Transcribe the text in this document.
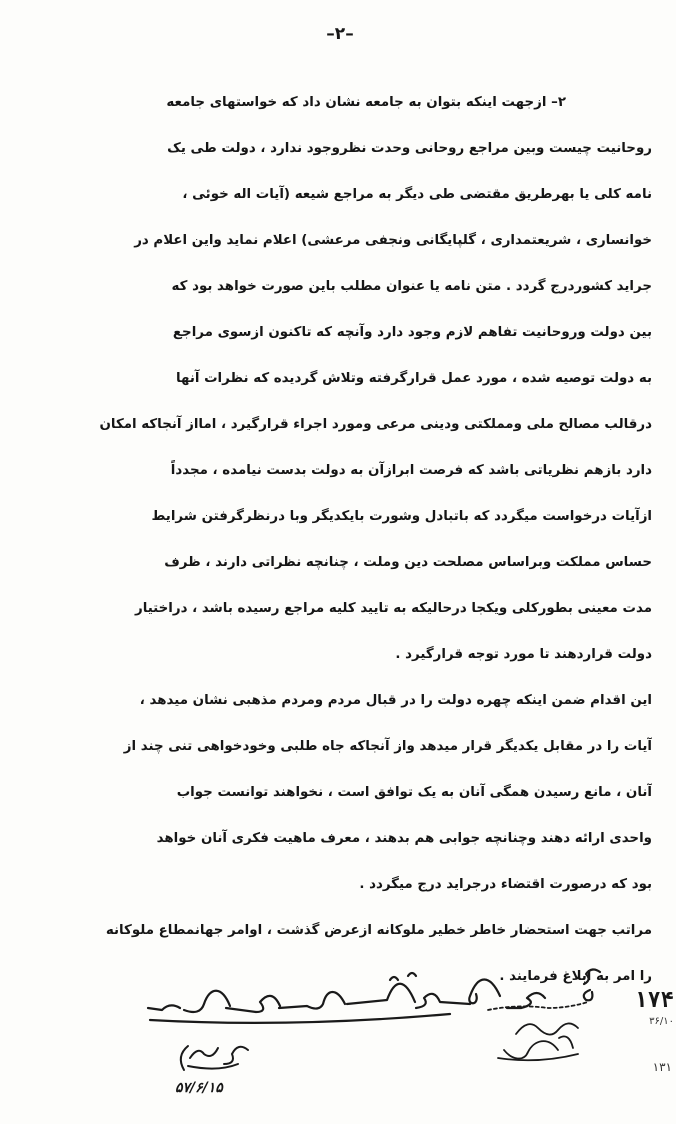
–۲–
۲– ازجهت اینکه بتوان به جامعه نشان داد که خواستهای جامعه
روحانیت چیست وبین مراجع روحانی وحدت نظروجود ندارد ، دولت طی یک
نامه کلی یا بهرطریق مقتضی طی دیگر به مراجع شیعه (آیات اله خوئی ،
خوانساری ، شریعتمداری ، گلپایگانی ونجفی مرعشی) اعلام نماید واین اعلام در
جراید کشوردرج گردد . متن نامه یا عنوان مطلب باین صورت خواهد بود که
بین دولت وروحانیت تفاهم لازم وجود دارد وآنچه که تاکنون ازسوی مراجع
به دولت توصیه شده ، مورد عمل قرارگرفته وتلاش گردیده که نظرات آنها
درقالب مصالح ملی ومملکتی ودینی مرعی ومورد اجراء قرارگیرد ، امااز آنجاکه امکان
دارد بازهم نظریاتی باشد که فرصت ابرازآن به دولت بدست نیامده ، مجدداً
ازآیات درخواست میگردد که باتبادل وشورت بایکدیگر وبا درنظرگرفتن شرایط
حساس مملکت وبراساس مصلحت دین وملت ، چنانچه نظراتی دارند ، ظرف
مدت معینی بطورکلی ویکجا درحالیکه به تایید کلیه مراجع رسیده باشد ، دراختیار
دولت قراردهند تا مورد توجه قرارگیرد .
این اقدام ضمن اینکه چهره دولت را در قبال مردم ومردم مذهبی نشان میدهد ،
آیات را در مقابل یکدیگر قرار میدهد واز آنجاکه جاه طلبی وخودخواهی تنی چند از
آنان ، مانع رسیدن همگی آنان به یک توافق است ، نخواهند توانست جواب
واحدی ارائه دهند وچنانچه جوابی هم بدهند ، معرف ماهیت فکری آنان خواهد
بود که درصورت اقتضاء درجراید درج میگردد .
مراتب جهت استحضار خاطر خطیر ملوکانه ازعرض گذشت ، اوامر جهانمطاع ملوکانه
را امر به ابلاغ فرمایند .
۵۷/۶/۱۵
۱۷۴
۳۶/۱۰
۱۳۱
